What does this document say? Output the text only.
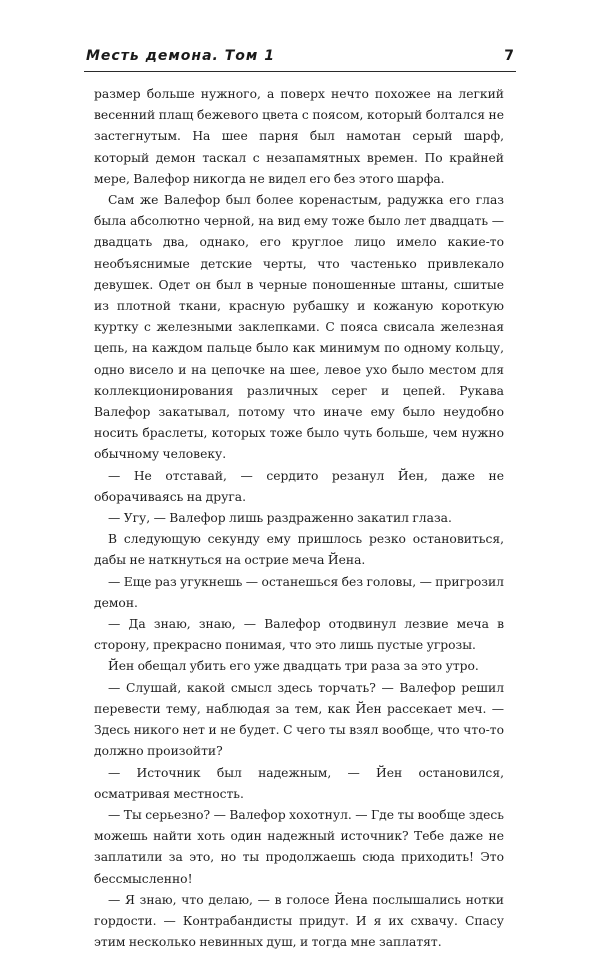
Месть демона. Том 1	7

размер больше нужного, а поверх нечто похожее на легкий весенний плащ бежевого цвета с поясом, который болтался не застегнутым. На шее парня был намотан серый шарф, который демон таскал с незапамятных времен. По крайней мере, Валефор никогда не видел его без этого шарфа.

Сам же Валефор был более коренастым, радужка его глаз была абсолютно черной, на вид ему тоже было лет двадцать — двадцать два, однако, его круглое лицо имело какие-то необъяснимые детские черты, что частенько привлекало девушек. Одет он был в черные поношенные штаны, сшитые из плотной ткани, красную рубашку и кожаную короткую куртку с железными заклепками. С пояса свисала железная цепь, на каждом пальце было как минимум по одному кольцу, одно висело и на цепочке на шее, левое ухо было местом для коллекционирования различных серег и цепей. Рукава Валефор закатывал, потому что иначе ему было неудобно носить браслеты, которых тоже было чуть больше, чем нужно обычному человеку.

— Не отставай, — сердито резанул Йен, даже не оборачиваясь на друга.

— Угу, — Валефор лишь раздраженно закатил глаза.

В следующую секунду ему пришлось резко остановиться, дабы не наткнуться на острие меча Йена.

— Еще раз угукнешь — останешься без головы, — пригрозил демон.

— Да знаю, знаю, — Валефор отодвинул лезвие меча в сторону, прекрасно понимая, что это лишь пустые угрозы.

Йен обещал убить его уже двадцать три раза за это утро.

— Слушай, какой смысл здесь торчать? — Валефор решил перевести тему, наблюдая за тем, как Йен рассекает меч. — Здесь никого нет и не будет. С чего ты взял вообще, что что-то должно произойти?

— Источник был надежным, — Йен остановился, осматривая местность.

— Ты серьезно? — Валефор хохотнул. — Где ты вообще здесь можешь найти хоть один надежный источник? Тебе даже не заплатили за это, но ты продолжаешь сюда приходить! Это бессмысленно!

— Я знаю, что делаю, — в голосе Йена послышались нотки гордости. — Контрабандисты придут. И я их схвачу. Спасу этим несколько невинных душ, и тогда мне заплатят.
